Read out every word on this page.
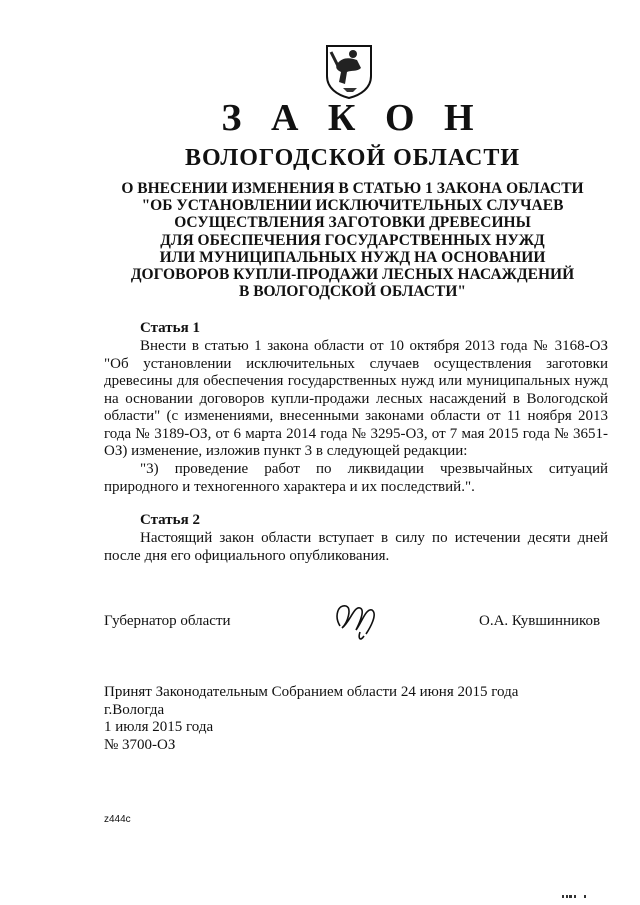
З А К О Н
ВОЛОГОДСКОЙ ОБЛАСТИ
О ВНЕСЕНИИ ИЗМЕНЕНИЯ В СТАТЬЮ 1 ЗАКОНА ОБЛАСТИ
"ОБ УСТАНОВЛЕНИИ ИСКЛЮЧИТЕЛЬНЫХ СЛУЧАЕВ
ОСУЩЕСТВЛЕНИЯ ЗАГОТОВКИ ДРЕВЕСИНЫ
ДЛЯ ОБЕСПЕЧЕНИЯ ГОСУДАРСТВЕННЫХ НУЖД
ИЛИ МУНИЦИПАЛЬНЫХ НУЖД НА ОСНОВАНИИ
ДОГОВОРОВ КУПЛИ-ПРОДАЖИ ЛЕСНЫХ НАСАЖДЕНИЙ
В ВОЛОГОДСКОЙ ОБЛАСТИ"
Статья 1

Внести в статью 1 закона области от 10 октября 2013 года № 3168-ОЗ "Об установлении исключительных случаев осуществления заготовки древесины для обеспечения государственных нужд или муниципальных нужд на основании договоров купли-продажи лесных насаждений в Вологодской области" (с изменениями, внесенными законами области от 11 ноября 2013 года № 3189-ОЗ, от 6 марта 2014 года № 3295-ОЗ, от 7 мая 2015 года № 3651-ОЗ) изменение, изложив пункт 3 в следующей редакции:

"3) проведение работ по ликвидации чрезвычайных ситуаций природного и техногенного характера и их последствий.".

Статья 2

Настоящий закон области вступает в силу по истечении десяти дней после дня его официального опубликования.

Губернатор области	О.А. Кувшинников
Принят Законодательным Собранием области 24 июня 2015 года
г.Вологда
1 июля 2015 года
№ 3700-ОЗ
z444c
